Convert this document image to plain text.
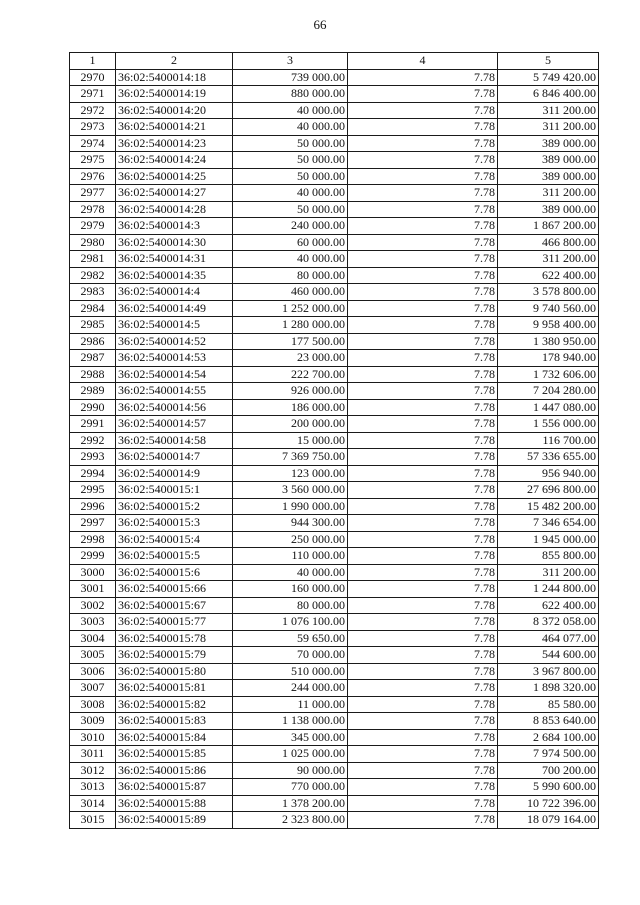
66
1	2	3	4	5
2970	36:02:5400014:18	739 000.00	7.78	5 749 420.00
2971	36:02:5400014:19	880 000.00	7.78	6 846 400.00
2972	36:02:5400014:20	40 000.00	7.78	311 200.00
2973	36:02:5400014:21	40 000.00	7.78	311 200.00
2974	36:02:5400014:23	50 000.00	7.78	389 000.00
2975	36:02:5400014:24	50 000.00	7.78	389 000.00
2976	36:02:5400014:25	50 000.00	7.78	389 000.00
2977	36:02:5400014:27	40 000.00	7.78	311 200.00
2978	36:02:5400014:28	50 000.00	7.78	389 000.00
2979	36:02:5400014:3	240 000.00	7.78	1 867 200.00
2980	36:02:5400014:30	60 000.00	7.78	466 800.00
2981	36:02:5400014:31	40 000.00	7.78	311 200.00
2982	36:02:5400014:35	80 000.00	7.78	622 400.00
2983	36:02:5400014:4	460 000.00	7.78	3 578 800.00
2984	36:02:5400014:49	1 252 000.00	7.78	9 740 560.00
2985	36:02:5400014:5	1 280 000.00	7.78	9 958 400.00
2986	36:02:5400014:52	177 500.00	7.78	1 380 950.00
2987	36:02:5400014:53	23 000.00	7.78	178 940.00
2988	36:02:5400014:54	222 700.00	7.78	1 732 606.00
2989	36:02:5400014:55	926 000.00	7.78	7 204 280.00
2990	36:02:5400014:56	186 000.00	7.78	1 447 080.00
2991	36:02:5400014:57	200 000.00	7.78	1 556 000.00
2992	36:02:5400014:58	15 000.00	7.78	116 700.00
2993	36:02:5400014:7	7 369 750.00	7.78	57 336 655.00
2994	36:02:5400014:9	123 000.00	7.78	956 940.00
2995	36:02:5400015:1	3 560 000.00	7.78	27 696 800.00
2996	36:02:5400015:2	1 990 000.00	7.78	15 482 200.00
2997	36:02:5400015:3	944 300.00	7.78	7 346 654.00
2998	36:02:5400015:4	250 000.00	7.78	1 945 000.00
2999	36:02:5400015:5	110 000.00	7.78	855 800.00
3000	36:02:5400015:6	40 000.00	7.78	311 200.00
3001	36:02:5400015:66	160 000.00	7.78	1 244 800.00
3002	36:02:5400015:67	80 000.00	7.78	622 400.00
3003	36:02:5400015:77	1 076 100.00	7.78	8 372 058.00
3004	36:02:5400015:78	59 650.00	7.78	464 077.00
3005	36:02:5400015:79	70 000.00	7.78	544 600.00
3006	36:02:5400015:80	510 000.00	7.78	3 967 800.00
3007	36:02:5400015:81	244 000.00	7.78	1 898 320.00
3008	36:02:5400015:82	11 000.00	7.78	85 580.00
3009	36:02:5400015:83	1 138 000.00	7.78	8 853 640.00
3010	36:02:5400015:84	345 000.00	7.78	2 684 100.00
3011	36:02:5400015:85	1 025 000.00	7.78	7 974 500.00
3012	36:02:5400015:86	90 000.00	7.78	700 200.00
3013	36:02:5400015:87	770 000.00	7.78	5 990 600.00
3014	36:02:5400015:88	1 378 200.00	7.78	10 722 396.00
3015	36:02:5400015:89	2 323 800.00	7.78	18 079 164.00
